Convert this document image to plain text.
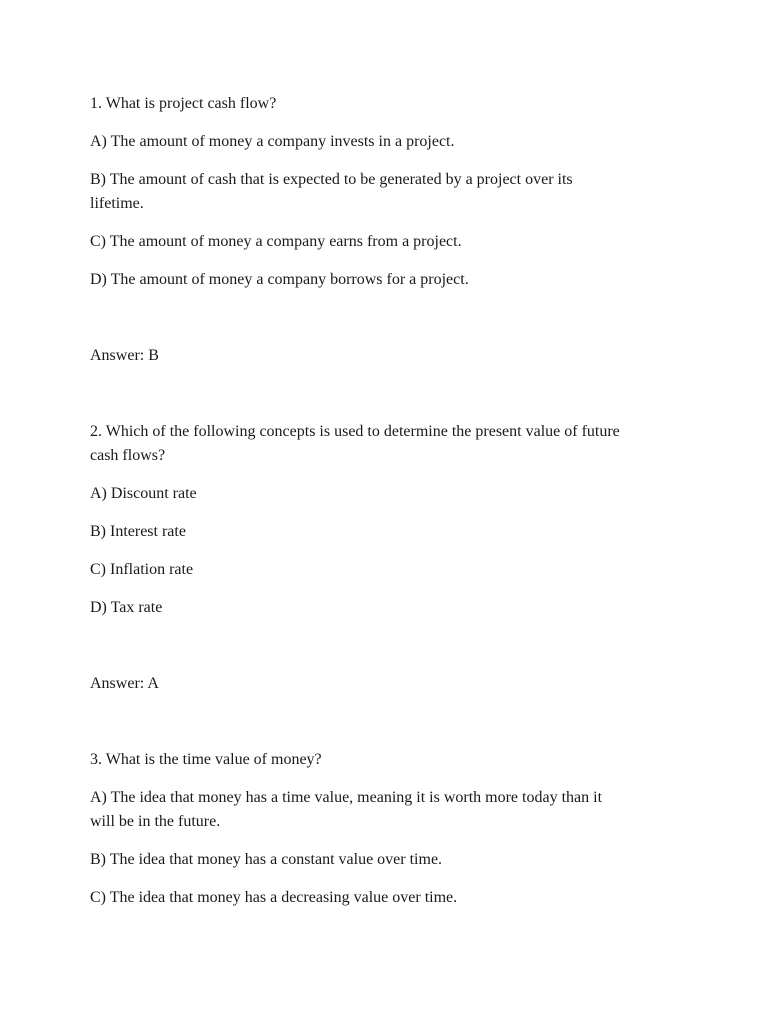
1. What is project cash flow?
A) The amount of money a company invests in a project.
B) The amount of cash that is expected to be generated by a project over its
lifetime.
C) The amount of money a company earns from a project.
D) The amount of money a company borrows for a project.
Answer: B
2. Which of the following concepts is used to determine the present value of future
cash flows?
A) Discount rate
B) Interest rate
C) Inflation rate
D) Tax rate
Answer: A
3. What is the time value of money?
A) The idea that money has a time value, meaning it is worth more today than it
will be in the future.
B) The idea that money has a constant value over time.
C) The idea that money has a decreasing value over time.
